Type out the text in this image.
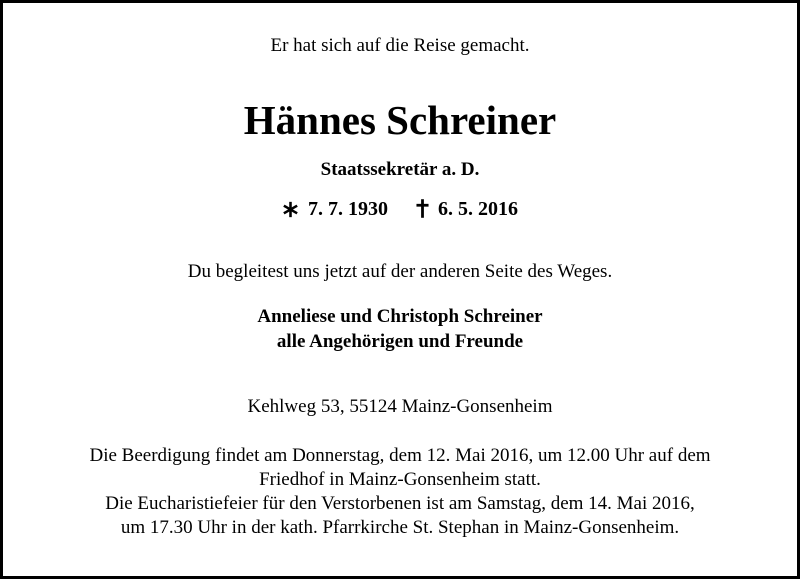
Er hat sich auf die Reise gemacht.
Hännes Schreiner
Staatssekretär a. D.
7. 7. 1930	6. 5. 2016
Du begleitest uns jetzt auf der anderen Seite des Weges.
Anneliese und Christoph Schreiner
alle Angehörigen und Freunde
Kehlweg 53, 55124 Mainz-Gonsenheim
Die Beerdigung findet am Donnerstag, dem 12. Mai 2016, um 12.00 Uhr auf dem
Friedhof in Mainz-Gonsenheim statt.
Die Eucharistiefeier für den Verstorbenen ist am Samstag, dem 14. Mai 2016,
um 17.30 Uhr in der kath. Pfarrkirche St. Stephan in Mainz-Gonsenheim.
